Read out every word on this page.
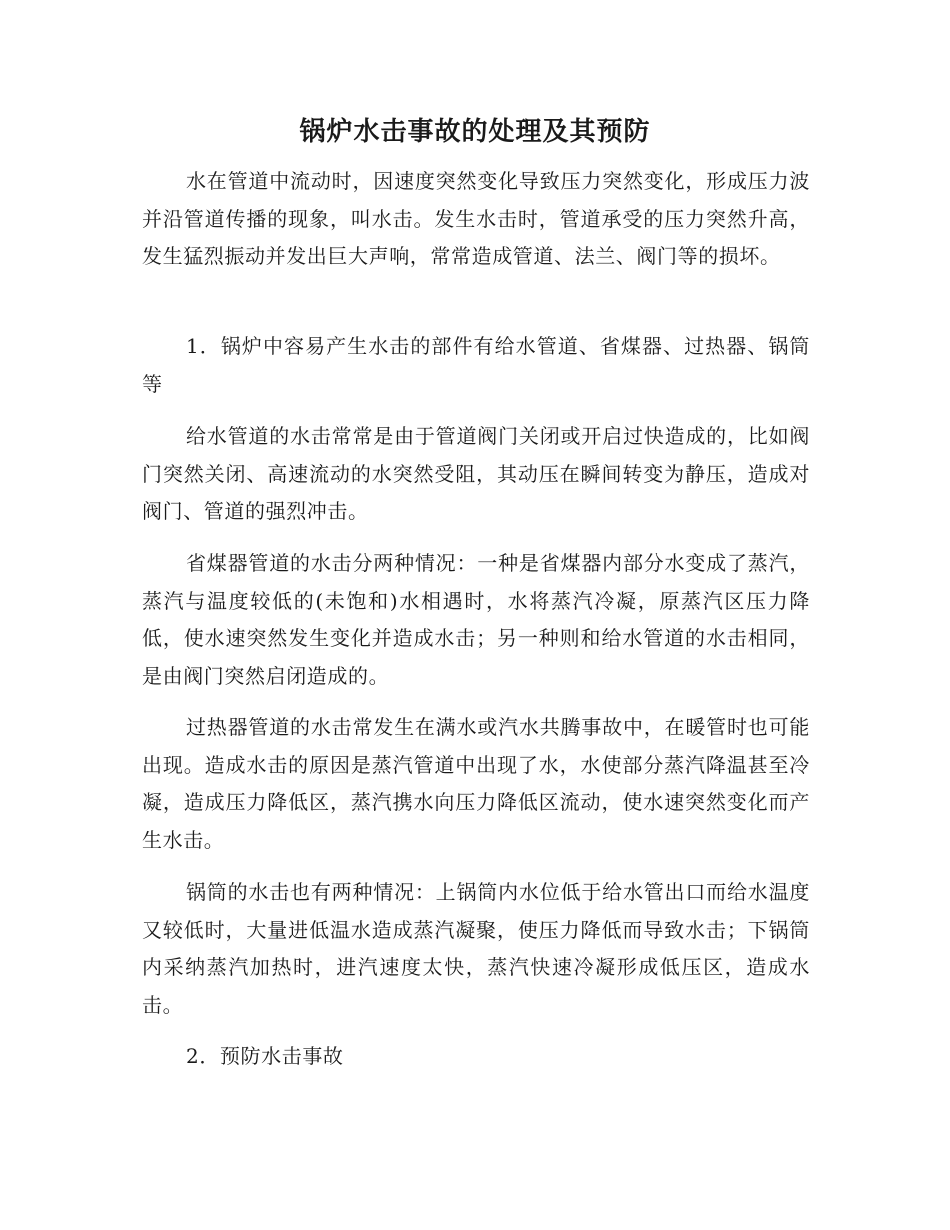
锅炉水击事故的处理及其预防

水在管道中流动时，因速度突然变化导致压力突然变化，形成压力波并沿管道传播的现象，叫水击。发生水击时，管道承受的压力突然升高，发生猛烈振动并发出巨大声响，常常造成管道、法兰、阀门等的损坏。

1．锅炉中容易产生水击的部件有给水管道、省煤器、过热器、锅筒等

给水管道的水击常常是由于管道阀门关闭或开启过快造成的，比如阀门突然关闭、高速流动的水突然受阻，其动压在瞬间转变为静压，造成对阀门、管道的强烈冲击。

省煤器管道的水击分两种情况：一种是省煤器内部分水变成了蒸汽，蒸汽与温度较低的(未饱和)水相遇时，水将蒸汽冷凝，原蒸汽区压力降低，使水速突然发生变化并造成水击；另一种则和给水管道的水击相同，是由阀门突然启闭造成的。

过热器管道的水击常发生在满水或汽水共腾事故中，在暖管时也可能出现。造成水击的原因是蒸汽管道中出现了水，水使部分蒸汽降温甚至冷凝，造成压力降低区，蒸汽携水向压力降低区流动，使水速突然变化而产生水击。

锅筒的水击也有两种情况：上锅筒内水位低于给水管出口而给水温度又较低时，大量进低温水造成蒸汽凝聚，使压力降低而导致水击；下锅筒内采纳蒸汽加热时，进汽速度太快，蒸汽快速冷凝形成低压区，造成水击。

2．预防水击事故
